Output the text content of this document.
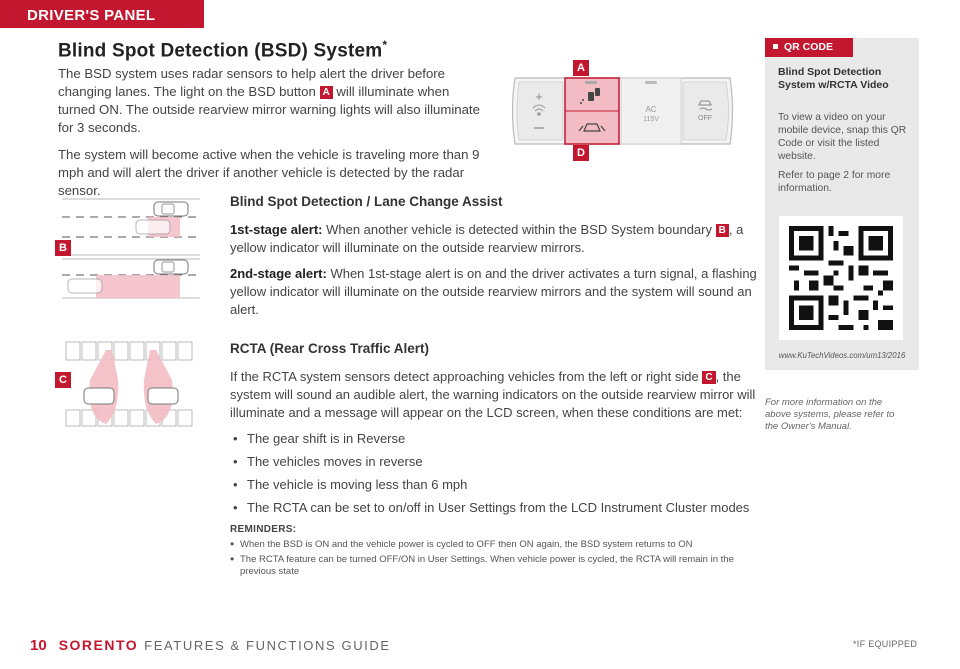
DRIVER'S PANEL
Blind Spot Detection (BSD) System*

The BSD system uses radar sensors to help alert the driver before changing lanes. The light on the BSD button A will illuminate when turned ON. The outside rearview mirror warning lights will also illuminate for 3 seconds.

The system will become active when the vehicle is traveling more than 9 mph and will alert the driver if another vehicle is detected by the radar sensor.

+
AC
115V	OFF
A
D
B
Blind Spot Detection / Lane Change Assist

1st-stage alert: When another vehicle is detected within the BSD System boundary B , a yellow indicator will illuminate on the outside rearview mirrors.

2nd-stage alert: When 1st-stage alert is on and the driver activates a turn signal, a flashing yellow indicator will illuminate on the outside rearview mirrors and the system will sound an alert.

C
RCTA (Rear Cross Traffic Alert)

If the RCTA system sensors detect approaching vehicles from the left or right side C , the system will sound an audible alert, the warning indicators on the outside rearview mirror will illuminate and a message will appear on the LCD screen, when these conditions are met:

• The gear shift is in Reverse
• The vehicles moves in reverse
• The vehicle is moving less than 6 mph
• The RCTA can be set to on/off in User Settings from the LCD Instrument Cluster modes
REMINDERS:
• When the BSD is ON and the vehicle power is cycled to OFF then ON again, the BSD system returns to ON
• The RCTA feature can be turned OFF/ON in User Settings. When vehicle power is cycled, the RCTA will remain in the previous state
QR CODE
Blind Spot Detection System w/RCTA Video

To view a video on your mobile device, snap this QR Code or visit the listed website.

Refer to page 2 for more information.

www.KuTechVideos.com/um13/2016
For more information on the above systems, please refer to the Owner's Manual.
10 SORENTO FEATURES & FUNCTIONS GUIDE	*IF EQUIPPED
